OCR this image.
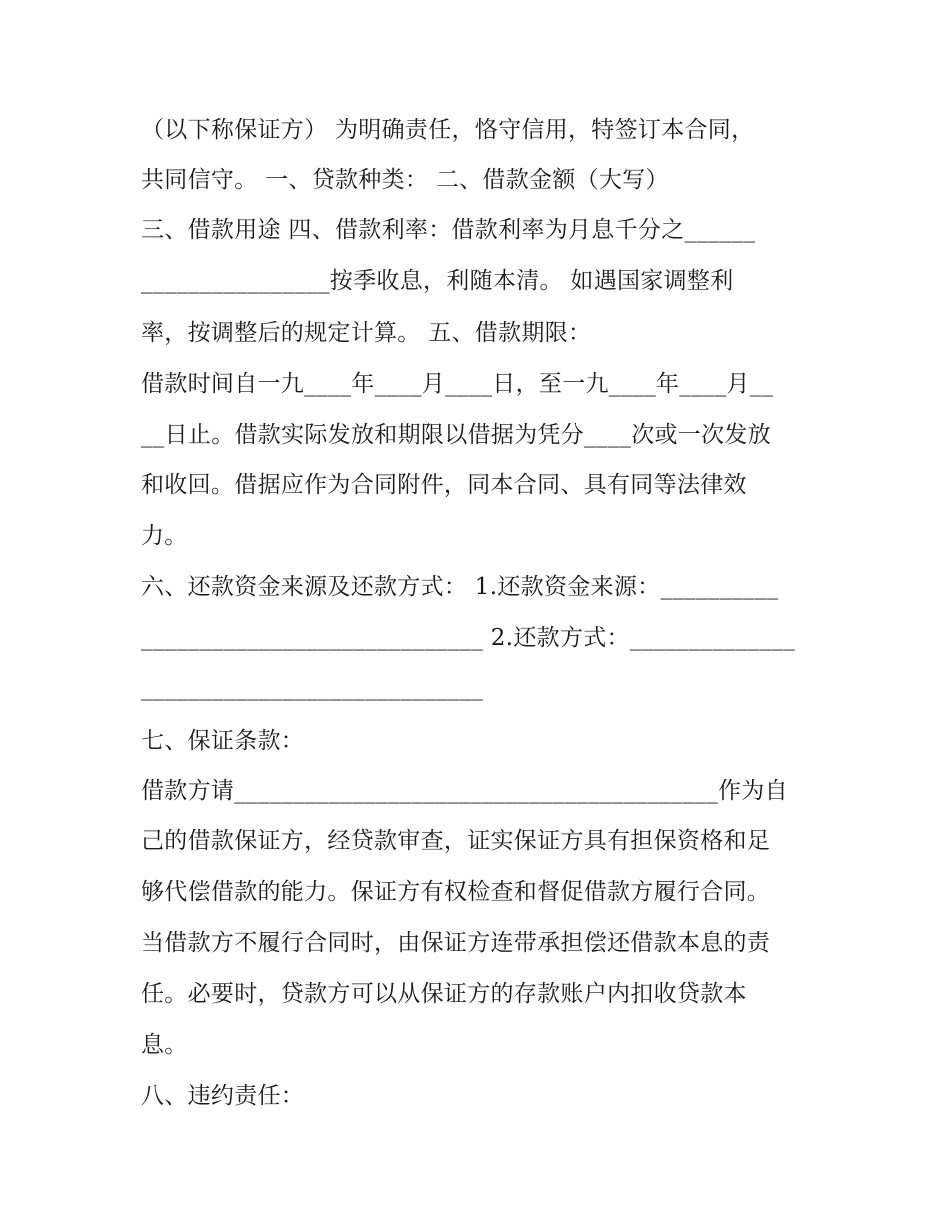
（以下称保证方） 为明确责任，恪守信用，特签订本合同，
共同信守。 一、贷款种类： 二、借款金额（大写）
三、借款用途 四、借款利率：借款利率为月息千分之______
________________按季收息，利随本清。 如遇国家调整利
率，按调整后的规定计算。 五、借款期限：
借款时间自一九____年____月____日，至一九____年____月__
__日止。借款实际发放和期限以借据为凭分____次或一次发放
和收回。借据应作为合同附件，同本合同、具有同等法律效
力。
六、还款资金来源及还款方式： 1.还款资金来源：__________
_____________________________ 2.还款方式：______________
_____________________________
七、保证条款：
借款方请_________________________________________作为自
己的借款保证方，经贷款审查，证实保证方具有担保资格和足
够代偿借款的能力。保证方有权检查和督促借款方履行合同。
当借款方不履行合同时，由保证方连带承担偿还借款本息的责
任。必要时，贷款方可以从保证方的存款账户内扣收贷款本
息。
八、违约责任：
